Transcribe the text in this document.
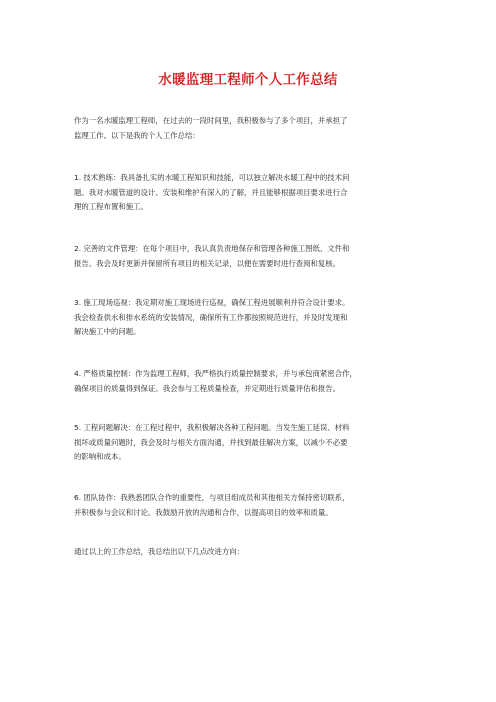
水暖监理工程师个人工作总结
作为一名水暖监理工程师，在过去的一段时间里，我积极参与了多个项目，并承担了
监理工作。以下是我的个人工作总结：
1. 技术熟练：我具备扎实的水暖工程知识和技能，可以独立解决水暖工程中的技术问
题。我对水暖管道的设计、安装和维护有深入的了解，并且能够根据项目要求进行合
理的工程布置和施工。
2. 完善的文件管理：在每个项目中，我认真负责地保存和管理各种施工图纸、文件和
报告。我会及时更新并保留所有项目的相关记录，以便在需要时进行查阅和复核。
3. 施工现场巡视：我定期对施工现场进行巡视，确保工程进展顺利并符合设计要求。
我会检查供水和排水系统的安装情况，确保所有工作都按照规范进行，并及时发现和
解决施工中的问题。
4. 严格质量控制：作为监理工程师，我严格执行质量控制要求，并与承包商紧密合作，
确保项目的质量得到保证。我会参与工程质量检查，并定期进行质量评估和报告。
5. 工程问题解决：在工程过程中，我积极解决各种工程问题。当发生施工延误、材料
损坏或质量问题时，我会及时与相关方面沟通，并找到最佳解决方案，以减少不必要
的影响和成本。
6. 团队协作：我熟悉团队合作的重要性，与项目组成员和其他相关方保持密切联系，
并积极参与会议和讨论。我鼓励开放的沟通和合作，以提高项目的效率和质量。
通过以上的工作总结，我总结出以下几点改进方向：
